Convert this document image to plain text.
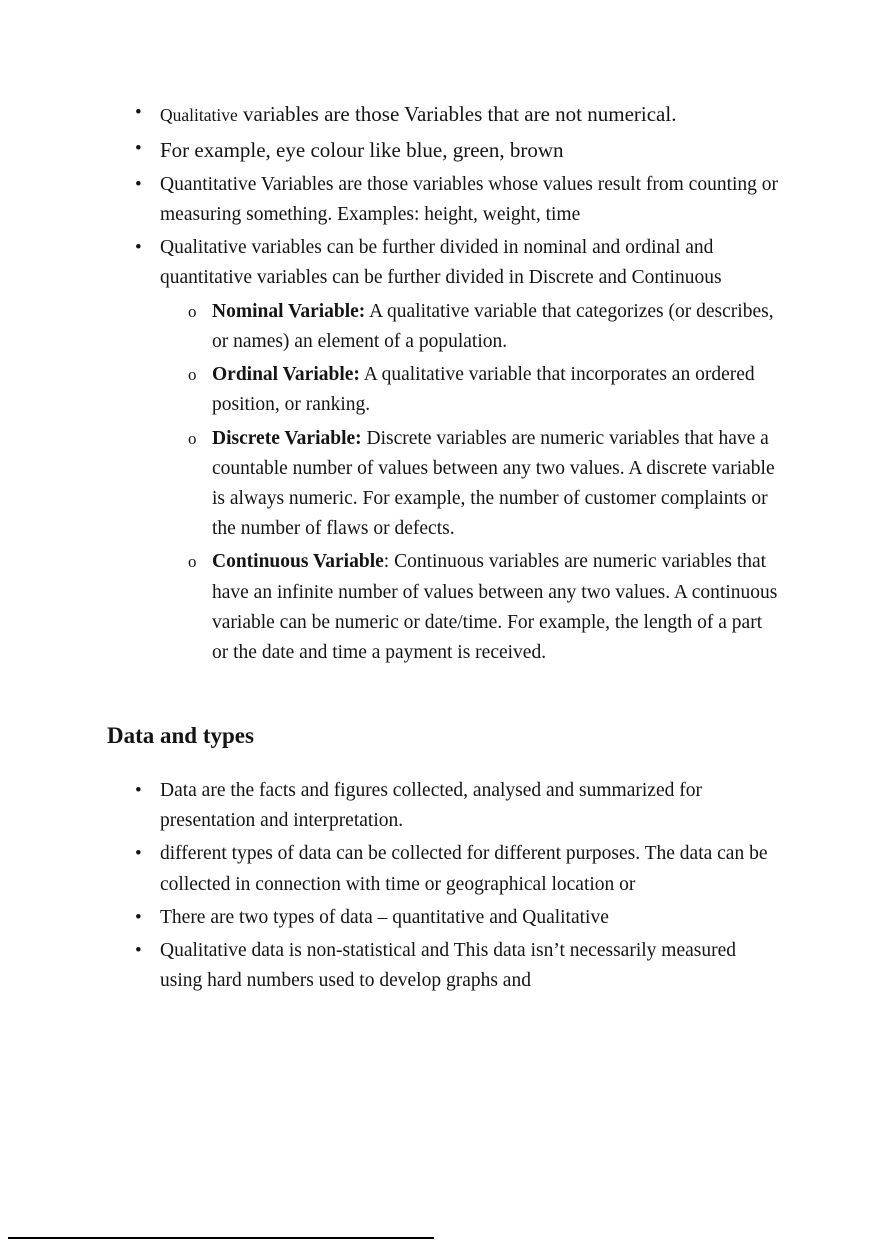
•	Qualitative variables are those Variables that are not numerical.
• For example, eye colour like blue, green, brown
• Quantitative Variables are those variables whose values result from counting or measuring something. Examples: height, weight, time
• Qualitative variables can be further divided in nominal and ordinal and quantitative variables can be further divided in Discrete and Continuous
o Nominal Variable: A qualitative variable that categorizes (or describes, or names) an element of a population.
o Ordinal Variable: A qualitative variable that incorporates an ordered position, or ranking.
o Discrete Variable: Discrete variables are numeric variables that have a countable number of values between any two values. A discrete variable is always numeric. For example, the number of customer complaints or the number of flaws or defects.
o Continuous Variable: Continuous variables are numeric variables that have an infinite number of values between any two values. A continuous variable can be numeric or date/time. For example, the length of a part or the date and time a payment is received.
Data and types
• Data are the facts and figures collected, analysed and summarized for presentation and interpretation.
• different types of data can be collected for different purposes. The data can be collected in connection with time or geographical location or
• There are two types of data – quantitative and Qualitative
• Qualitative data is non-statistical and This data isn’t necessarily measured using hard numbers used to develop graphs and
